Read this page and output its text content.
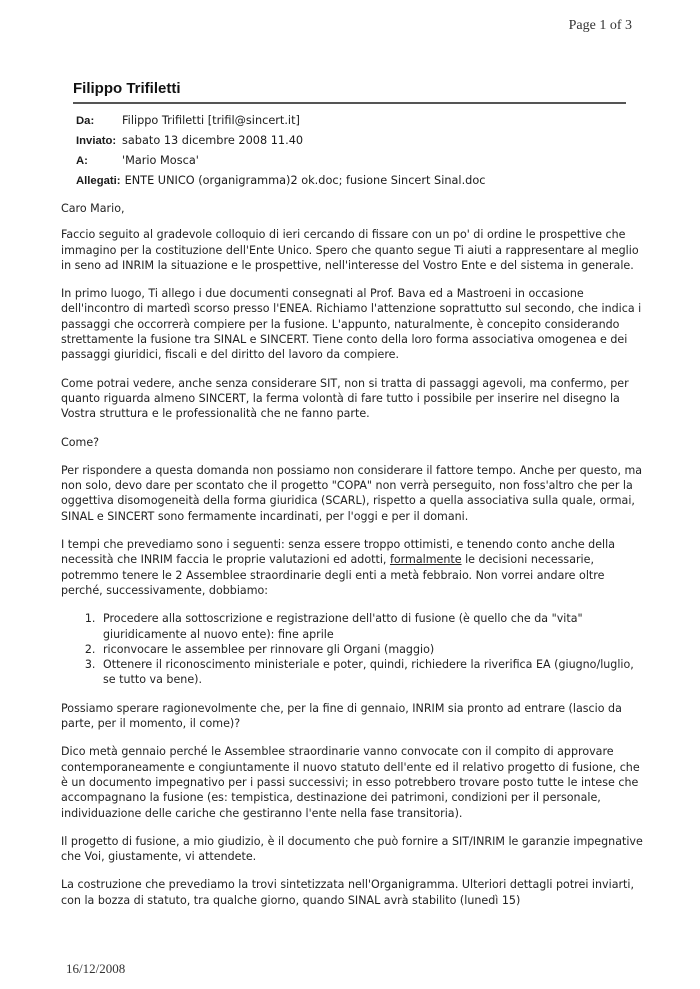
Page 1 of 3
Filippo Trifiletti
Da:	Filippo Trifiletti [trifil@sincert.it]
Inviato: sabato 13 dicembre 2008 11.40
A:	'Mario Mosca'
Allegati: ENTE UNICO (organigramma)2 ok.doc; fusione Sincert Sinal.doc

Caro Mario,

Faccio seguito al gradevole colloquio di ieri cercando di fissare con un po' di ordine le prospettive che immagino per la costituzione dell'Ente Unico. Spero che quanto segue Ti aiuti a rappresentare al meglio in seno ad INRIM la situazione e le prospettive, nell'interesse del Vostro Ente e del sistema in generale.

In primo luogo, Ti allego i due documenti consegnati al Prof. Bava ed a Mastroeni in occasione dell'incontro di martedì scorso presso l'ENEA. Richiamo l'attenzione soprattutto sul secondo, che indica i passaggi che occorrerà compiere per la fusione. L'appunto, naturalmente, è concepito considerando strettamente la fusione tra SINAL e SINCERT. Tiene conto della loro forma associativa omogenea e dei passaggi giuridici, fiscali e del diritto del lavoro da compiere.

Come potrai vedere, anche senza considerare SIT, non si tratta di passaggi agevoli, ma confermo, per quanto riguarda almeno SINCERT, la ferma volontà di fare tutto i possibile per inserire nel disegno la Vostra struttura e le professionalità che ne fanno parte.

Come?

Per rispondere a questa domanda non possiamo non considerare il fattore tempo. Anche per questo, ma non solo, devo dare per scontato che il progetto "COPA" non verrà perseguito, non foss'altro che per la oggettiva disomogeneità della forma giuridica (SCARL), rispetto a quella associativa sulla quale, ormai, SINAL e SINCERT sono fermamente incardinati, per l'oggi e per il domani.

I tempi che prevediamo sono i seguenti: senza essere troppo ottimisti, e tenendo conto anche della necessità che INRIM faccia le proprie valutazioni ed adotti, formalmente le decisioni necessarie, potremmo tenere le 2 Assemblee straordinarie degli enti a metà febbraio. Non vorrei andare oltre perché, successivamente, dobbiamo:

1. Procedere alla sottoscrizione e registrazione dell'atto di fusione (è quello che da "vita" giuridicamente al nuovo ente): fine aprile
2. riconvocare le assemblee per rinnovare gli Organi (maggio)
3. Ottenere il riconoscimento ministeriale e poter, quindi, richiedere la riverifica EA (giugno/luglio, se tutto va bene).

Possiamo sperare ragionevolmente che, per la fine di gennaio, INRIM sia pronto ad entrare (lascio da parte, per il momento, il come)?

Dico metà gennaio perché le Assemblee straordinarie vanno convocate con il compito di approvare contemporaneamente e congiuntamente il nuovo statuto dell'ente ed il relativo progetto di fusione, che è un documento impegnativo per i passi successivi; in esso potrebbero trovare posto tutte le intese che accompagnano la fusione (es: tempistica, destinazione dei patrimoni, condizioni per il personale, individuazione delle cariche che gestiranno l'ente nella fase transitoria).

Il progetto di fusione, a mio giudizio, è il documento che può fornire a SIT/INRIM le garanzie impegnative che Voi, giustamente, vi attendete.

La costruzione che prevediamo la trovi sintetizzata nell'Organigramma. Ulteriori dettagli potrei inviarti, con la bozza di statuto, tra qualche giorno, quando SINAL avrà stabilito (lunedì 15)

16/12/2008
